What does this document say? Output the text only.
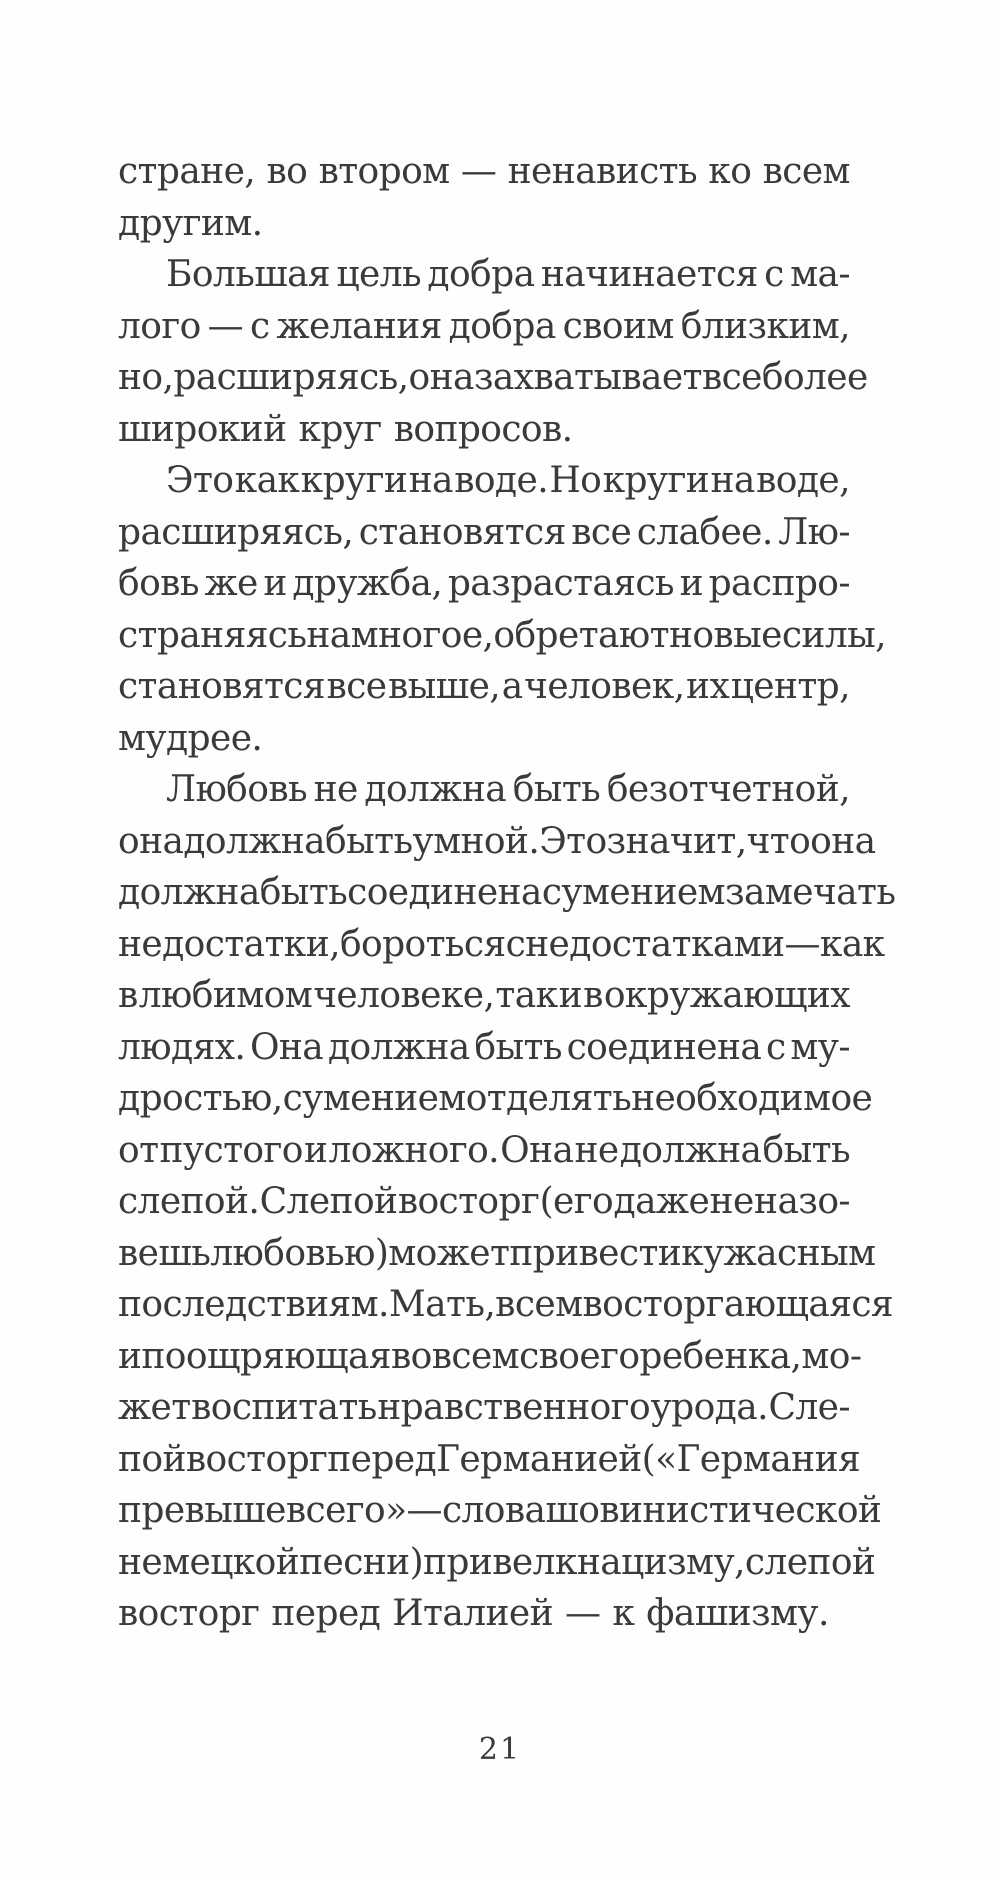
стране, во втором — ненависть ко всем
другим.
Большая цель добра начинается с ма-
лого — с желания добра своим близким,
но, расширяясь, она захватывает все более
широкий круг вопросов.
Это как круги на воде. Но круги на воде,
расширяясь, становятся все слабее. Лю-
бовь же и дружба, разрастаясь и распро-
страняясь на многое, обретают новые силы,
становятся все выше, а человек, их центр,
мудрее.
Любовь не должна быть безотчетной,
она должна быть умной. Это значит, что она
должна быть соединена с умением замечать
недостатки, бороться с недостатками — как
в любимом человеке, так и в окружающих
людях. Она должна быть соединена с му-
дростью, с умением отделять необходимое
от пустого и ложного. Она не должна быть
слепой. Слепой восторг (его даже не назо-
вешь любовью) может привести к ужасным
последствиям. Мать, всем восторгающаяся
и поощряющая во всем своего ребенка, мо-
жет воспитать нравственного урода. Сле-
пой восторг перед Германией («Германия
превыше всего» — слова шовинистической
немецкой песни) привел к нацизму, слепой
восторг перед Италией — к фашизму.
21
